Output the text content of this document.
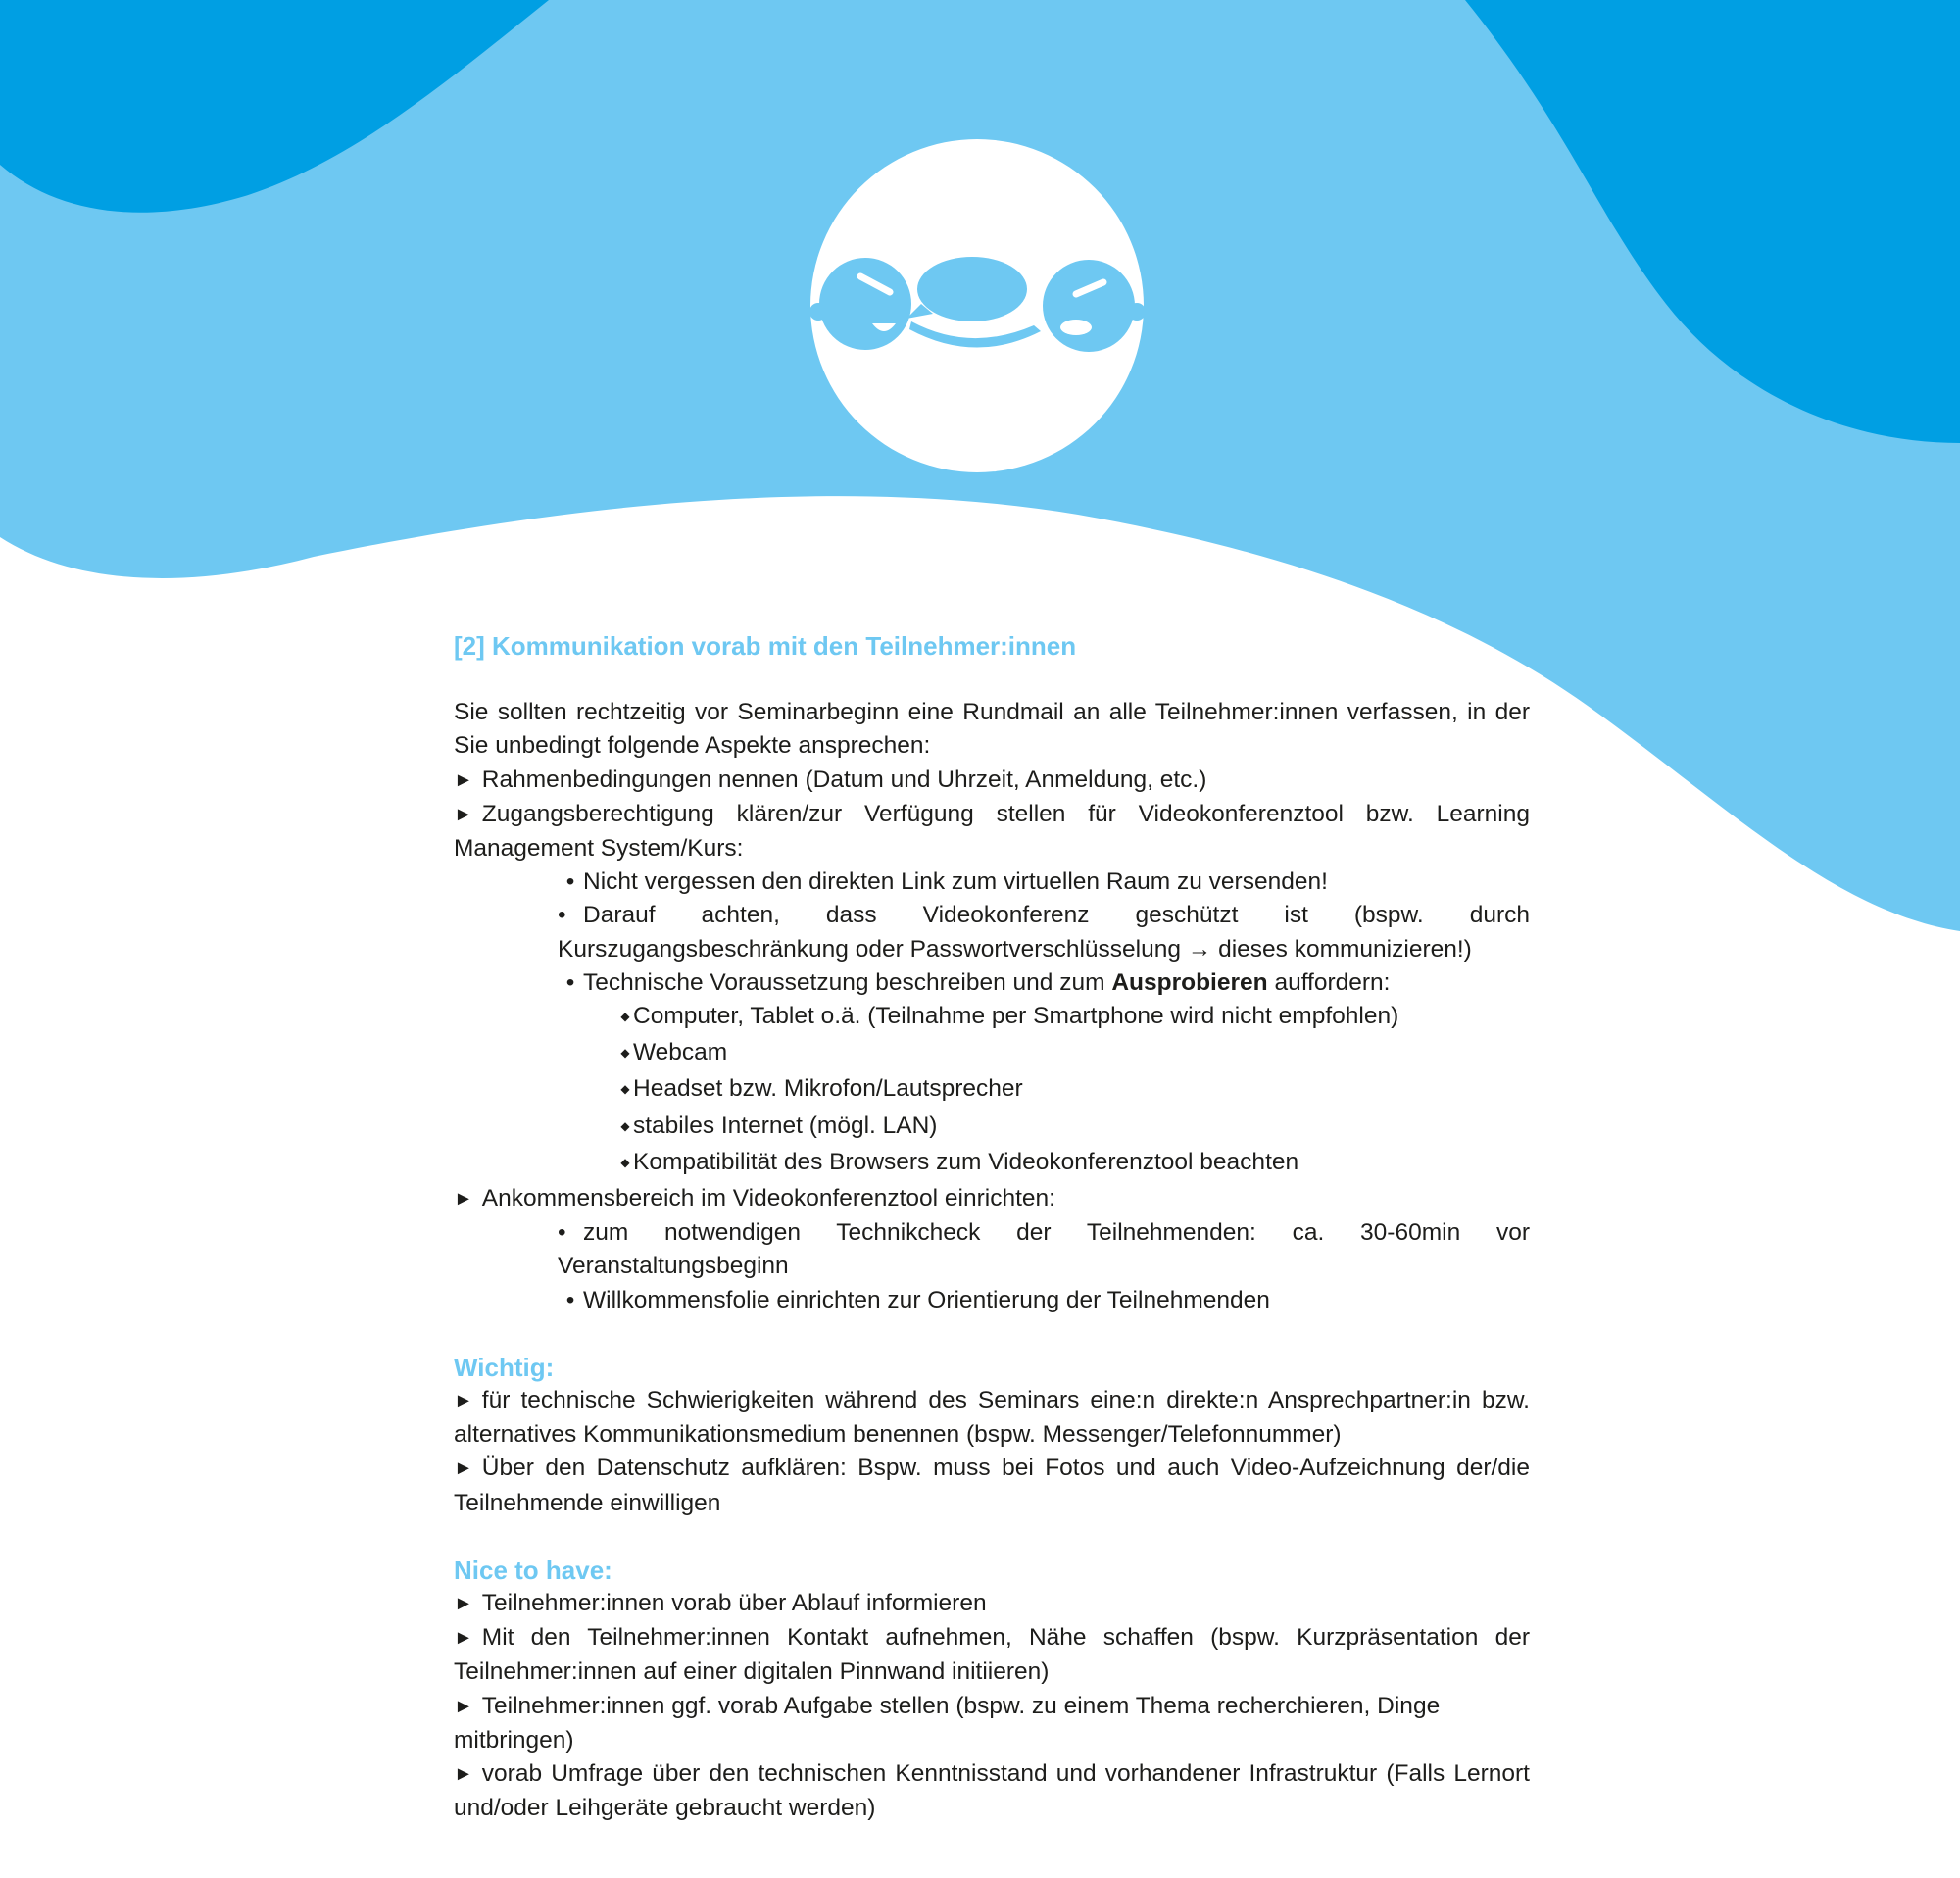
[2] Kommunikation vorab mit den Teilnehmer:innen

Sie sollten rechtzeitig vor Seminarbeginn eine Rundmail an alle Teilnehmer:innen verfassen, in der Sie unbedingt folgende Aspekte ansprechen:

► Rahmenbedingungen nennen (Datum und Uhrzeit, Anmeldung, etc.)

► Zugangsberechtigung klären/zur Verfügung stellen für Videokonferenztool bzw. Learning Management System/Kurs:

• Nicht vergessen den direkten Link zum virtuellen Raum zu versenden!

• Darauf achten, dass Videokonferenz geschützt ist (bspw. durch Kurszugangsbeschränkung oder Passwortverschlüsselung → dieses kommunizieren!)

• Technische Voraussetzung beschreiben und zum Ausprobieren auffordern:

◆ Computer, Tablet o.ä. (Teilnahme per Smartphone wird nicht empfohlen)

◆ Webcam

◆ Headset bzw. Mikrofon/Lautsprecher

◆ stabiles Internet (mögl. LAN)

◆ Kompatibilität des Browsers zum Videokonferenztool beachten

► Ankommensbereich im Videokonferenztool einrichten:

• zum notwendigen Technikcheck der Teilnehmenden: ca. 30-60min vor Veranstaltungsbeginn

• Willkommensfolie einrichten zur Orientierung der Teilnehmenden

Wichtig:

► für technische Schwierigkeiten während des Seminars eine:n direkte:n Ansprechpartner:in bzw. alternatives Kommunikationsmedium benennen (bspw. Messenger/Telefonnummer)

► Über den Datenschutz aufklären: Bspw. muss bei Fotos und auch Video-Aufzeichnung der/die Teilnehmende einwilligen

Nice to have:

► Teilnehmer:innen vorab über Ablauf informieren

► Mit den Teilnehmer:innen Kontakt aufnehmen, Nähe schaffen (bspw. Kurzpräsentation der Teilnehmer:innen auf einer digitalen Pinnwand initiieren)

► Teilnehmer:innen ggf. vorab Aufgabe stellen (bspw. zu einem Thema recherchieren, Dinge mitbringen)

► vorab Umfrage über den technischen Kenntnisstand und vorhandener Infrastruktur (Falls Lernort und/oder Leihgeräte gebraucht werden)
